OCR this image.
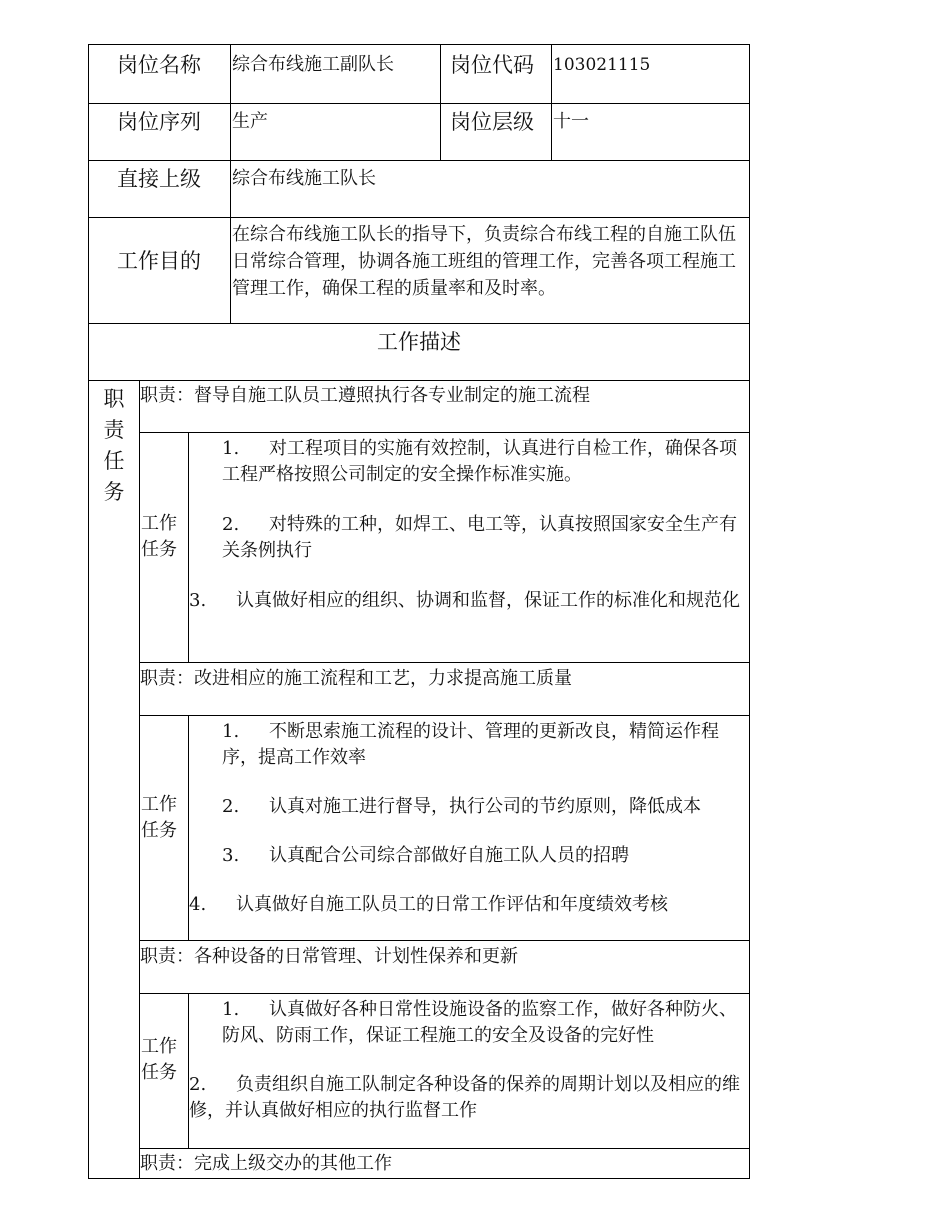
岗位名称 综合布线施工副队长	岗位代码 103021115
岗位序列 生产	岗位层级 十一
直接上级 综合布线施工队长
工作目的
在综合布线施工队长的指导下，负责综合布线工程的自施工队伍日常综合管理，协调各施工班组的管理工作，完善各项工程施工管理工作，确保工程的质量率和及时率。
工作描述
职
责
任
务
职责：督导自施工队员工遵照执行各专业制定的施工流程
工作任务
1. 对工程项目的实施有效控制，认真进行自检工作，确保各项工程严格按照公司制定的安全操作标准实施。
2. 对特殊的工种，如焊工、电工等，认真按照国家安全生产有关条例执行
3. 认真做好相应的组织、协调和监督，保证工作的标准化和规范化
职责：改进相应的施工流程和工艺，力求提高施工质量
工作任务
1. 不断思索施工流程的设计、管理的更新改良，精简运作程序，提高工作效率
2. 认真对施工进行督导，执行公司的节约原则，降低成本
3. 认真配合公司综合部做好自施工队人员的招聘
4. 认真做好自施工队员工的日常工作评估和年度绩效考核
职责：各种设备的日常管理、计划性保养和更新
工作任务
1. 认真做好各种日常性设施设备的监察工作，做好各种防火、防风、防雨工作，保证工程施工的安全及设备的完好性
2. 负责组织自施工队制定各种设备的保养的周期计划以及相应的维修，并认真做好相应的执行监督工作
职责：完成上级交办的其他工作
